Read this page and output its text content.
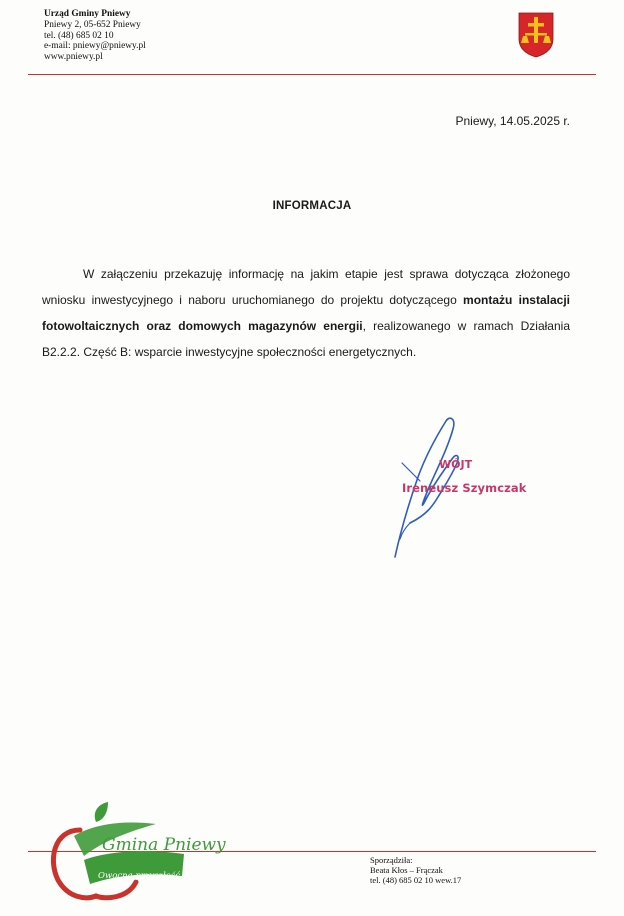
Urząd Gminy Pniewy
Pniewy 2, 05-652 Pniewy
tel. (48) 685 02 10
e-mail: pniewy@pniewy.pl
www.pniewy.pl
Pniewy, 14.05.2025 r.
INFORMACJA
W załączeniu przekazuję informację na jakim etapie jest sprawa dotycząca złożonego wniosku inwestycyjnego i naboru uruchomianego do projektu dotyczącego montażu instalacji fotowoltaicznych oraz domowych magazynów energii, realizowanego w ramach Działania B2.2.2. Część B: wsparcie inwestycyjne społeczności energetycznych.
WÓJT
Ireneusz Szymczak
Gmina Pniewy
Owocna przyszłość
Sporządziła:
Beata Kłos – Frączak
tel. (48) 685 02 10 wew.17
